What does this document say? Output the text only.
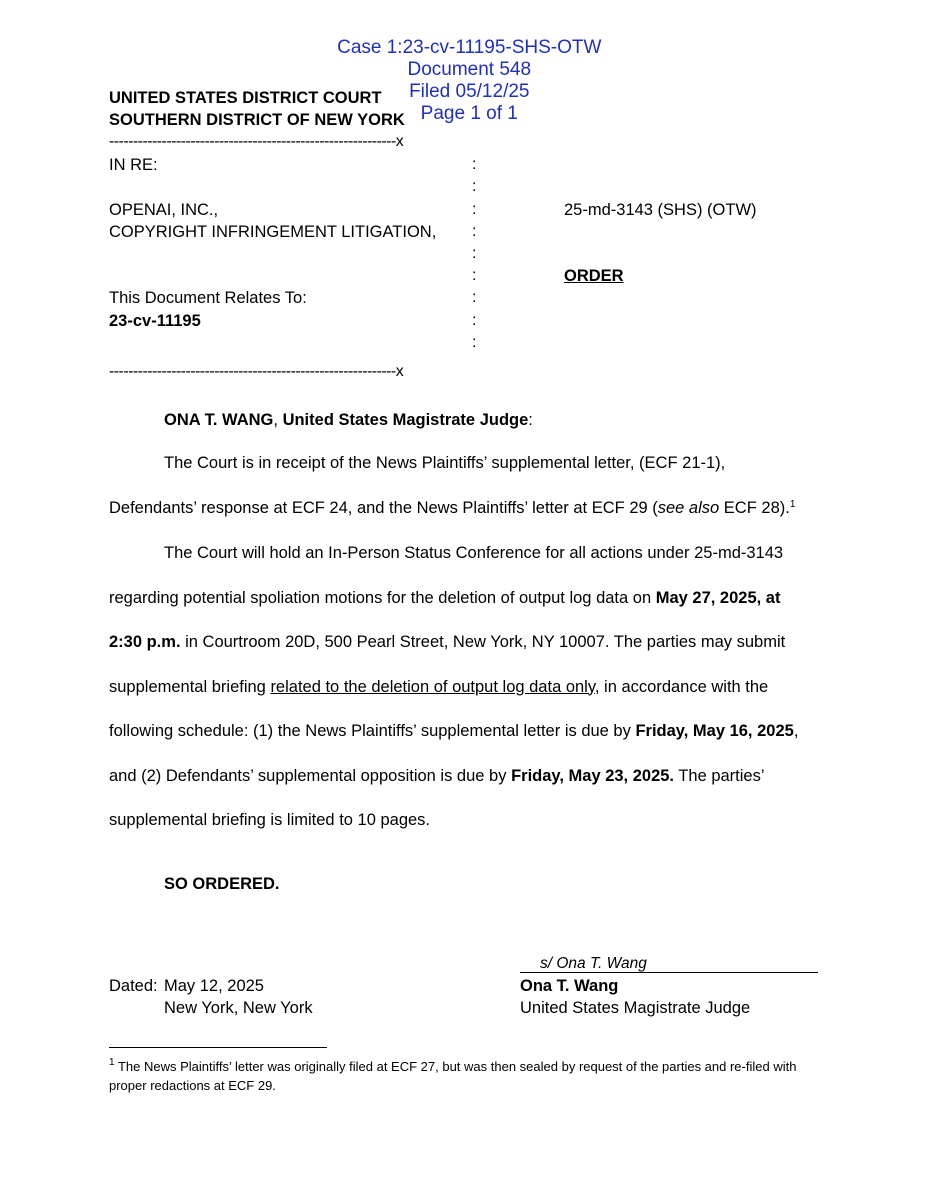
Case 1:23-cv-11195-SHS-OTW
Document 548
Filed 05/12/25
Page 1 of 1

UNITED STATES DISTRICT COURT
SOUTHERN DISTRICT OF NEW YORK
------------------------------------------------------------x
IN RE:
OPENAI, INC.,
COPYRIGHT INFRINGEMENT LITIGATION,
This Document Relates To:
23-cv-11195
:
:
:
:
:
:
:
:
:
25-md-3143 (SHS) (OTW)
ORDER
------------------------------------------------------------x
ONA T. WANG, United States Magistrate Judge:
The Court is in receipt of the News Plaintiffs’ supplemental letter, (ECF 21-1),
Defendants’ response at ECF 24, and the News Plaintiffs’ letter at ECF 29 (see also ECF 28).$^1$
The Court will hold an In-Person Status Conference for all actions under 25-md-3143
regarding potential spoliation motions for the deletion of output log data on May 27, 2025, at
2:30 p.m. in Courtroom 20D, 500 Pearl Street, New York, NY 10007. The parties may submit
supplemental briefing related to the deletion of output log data only, in accordance with the
following schedule: (1) the News Plaintiffs’ supplemental letter is due by Friday, May 16, 2025,
and (2) Defendants’ supplemental opposition is due by Friday, May 23, 2025. The parties’
supplemental briefing is limited to 10 pages.
SO ORDERED.
s/ Ona T. Wang
Ona T. Wang
United States Magistrate Judge
Dated: May 12, 2025
New York, New York
$^1$ The News Plaintiffs’ letter was originally filed at ECF 27, but was then sealed by request of the parties and re-filed with proper redactions at ECF 29.
